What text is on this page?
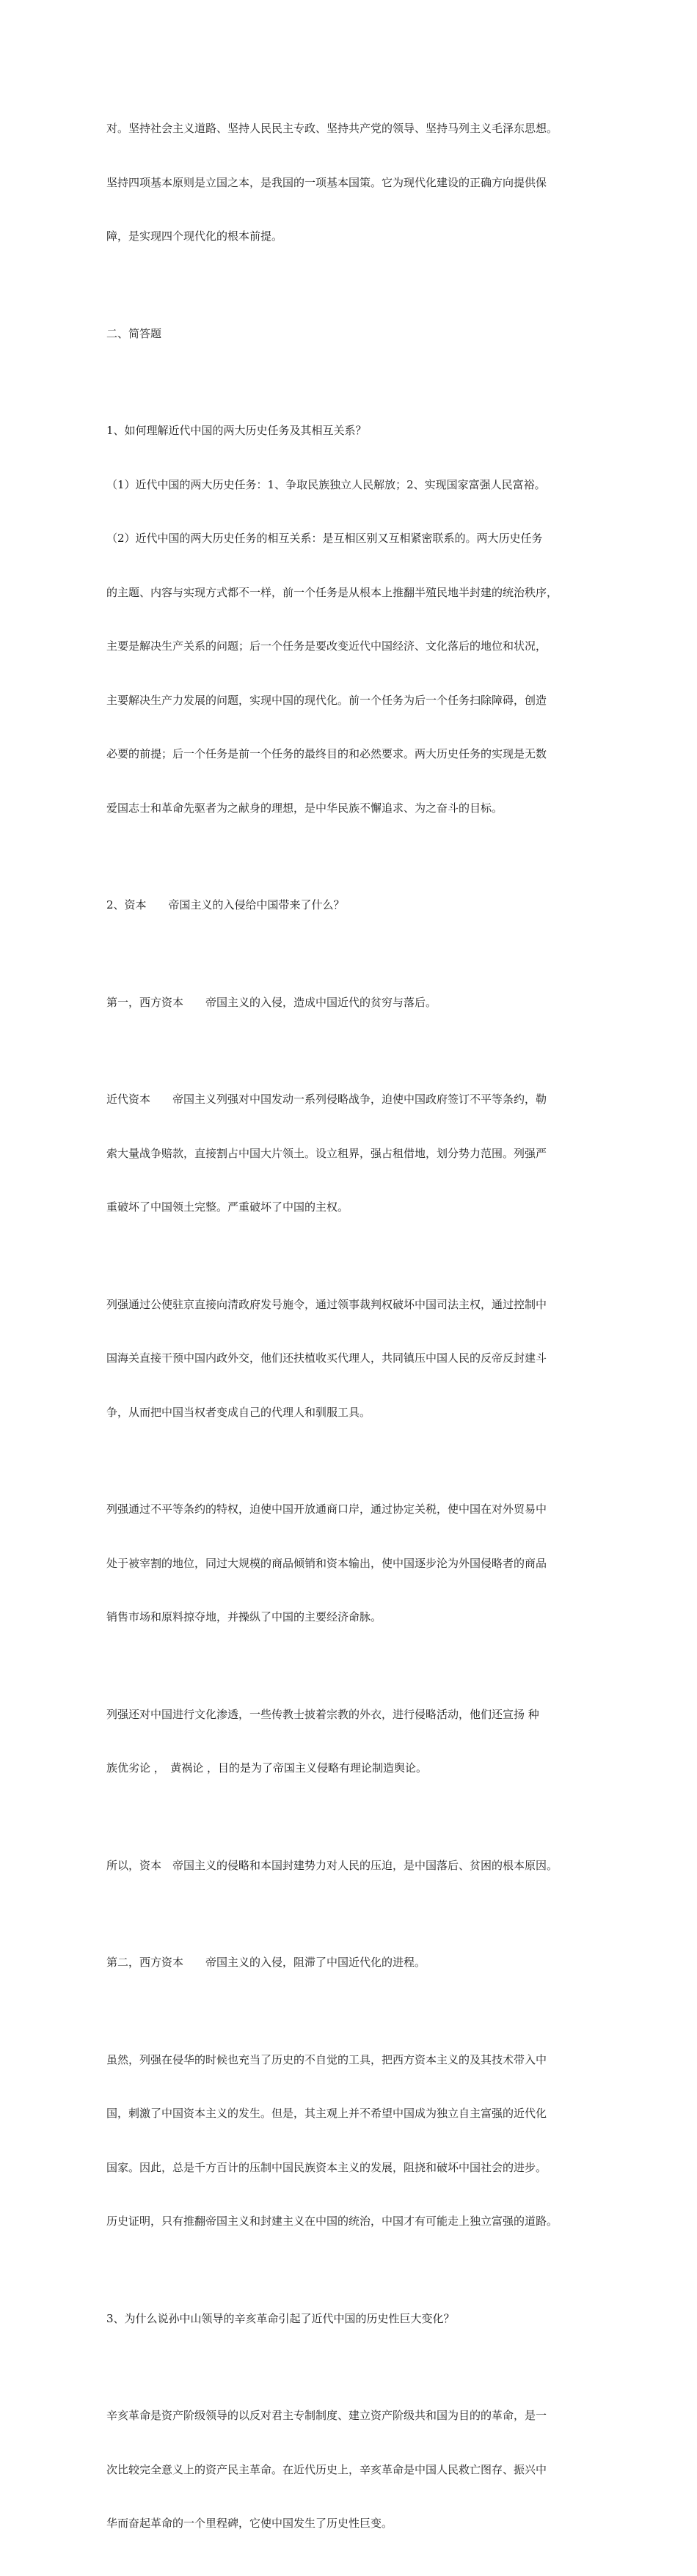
对。坚持社会主义道路、坚持人民民主专政、坚持共产党的领导、坚持马列主义毛泽东思想。

坚持四项基本原则是立国之本，是我国的一项基本国策。它为现代化建设的正确方向提供保

障，是实现四个现代化的根本前提。

二、简答题

1、如何理解近代中国的两大历史任务及其相互关系？

（1）近代中国的两大历史任务：1、争取民族独立人民解放；2、实现国家富强人民富裕。

（2）近代中国的两大历史任务的相互关系：是互相区别又互相紧密联系的。两大历史任务

的主题、内容与实现方式都不一样，前一个任务是从根本上推翻半殖民地半封建的统治秩序，

主要是解决生产关系的问题；后一个任务是要改变近代中国经济、文化落后的地位和状况，

主要解决生产力发展的问题，实现中国的现代化。前一个任务为后一个任务扫除障碍，创造

必要的前提；后一个任务是前一个任务的最终目的和必然要求。两大历史任务的实现是无数

爱国志士和革命先驱者为之献身的理想，是中华民族不懈追求、为之奋斗的目标。

2、资本　　帝国主义的入侵给中国带来了什么？

第一，西方资本　　帝国主义的入侵，造成中国近代的贫穷与落后。

近代资本　　帝国主义列强对中国发动一系列侵略战争，迫使中国政府签订不平等条约，勒

索大量战争赔款，直接割占中国大片领土。设立租界，强占租借地，划分势力范围。列强严

重破坏了中国领土完整。严重破坏了中国的主权。

列强通过公使驻京直接向清政府发号施令，通过领事裁判权破坏中国司法主权，通过控制中

国海关直接干预中国内政外交，他们还扶植收买代理人，共同镇压中国人民的反帝反封建斗

争，从而把中国当权者变成自己的代理人和驯服工具。

列强通过不平等条约的特权，迫使中国开放通商口岸，通过协定关税，使中国在对外贸易中

处于被宰割的地位，同过大规模的商品倾销和资本输出，使中国逐步沦为外国侵略者的商品

销售市场和原料掠夺地，并操纵了中国的主要经济命脉。

列强还对中国进行文化渗透，一些传教士披着宗教的外衣，进行侵略活动，他们还宣扬 种

族优劣论 ，　黄祸论 ，目的是为了帝国主义侵略有理论制造舆论。

所以，资本　帝国主义的侵略和本国封建势力对人民的压迫，是中国落后、贫困的根本原因。

第二，西方资本　　帝国主义的入侵，阻滞了中国近代化的进程。

虽然，列强在侵华的时候也充当了历史的不自觉的工具，把西方资本主义的及其技术带入中

国，刺激了中国资本主义的发生。但是，其主观上并不希望中国成为独立自主富强的近代化

国家。因此，总是千方百计的压制中国民族资本主义的发展，阻挠和破坏中国社会的进步。

历史证明，只有推翻帝国主义和封建主义在中国的统治，中国才有可能走上独立富强的道路。

3、为什么说孙中山领导的辛亥革命引起了近代中国的历史性巨大变化？

辛亥革命是资产阶级领导的以反对君主专制制度、建立资产阶级共和国为目的的革命，是一

次比较完全意义上的资产民主革命。在近代历史上，辛亥革命是中国人民救亡图存、振兴中

华而奋起革命的一个里程碑，它使中国发生了历史性巨变。
